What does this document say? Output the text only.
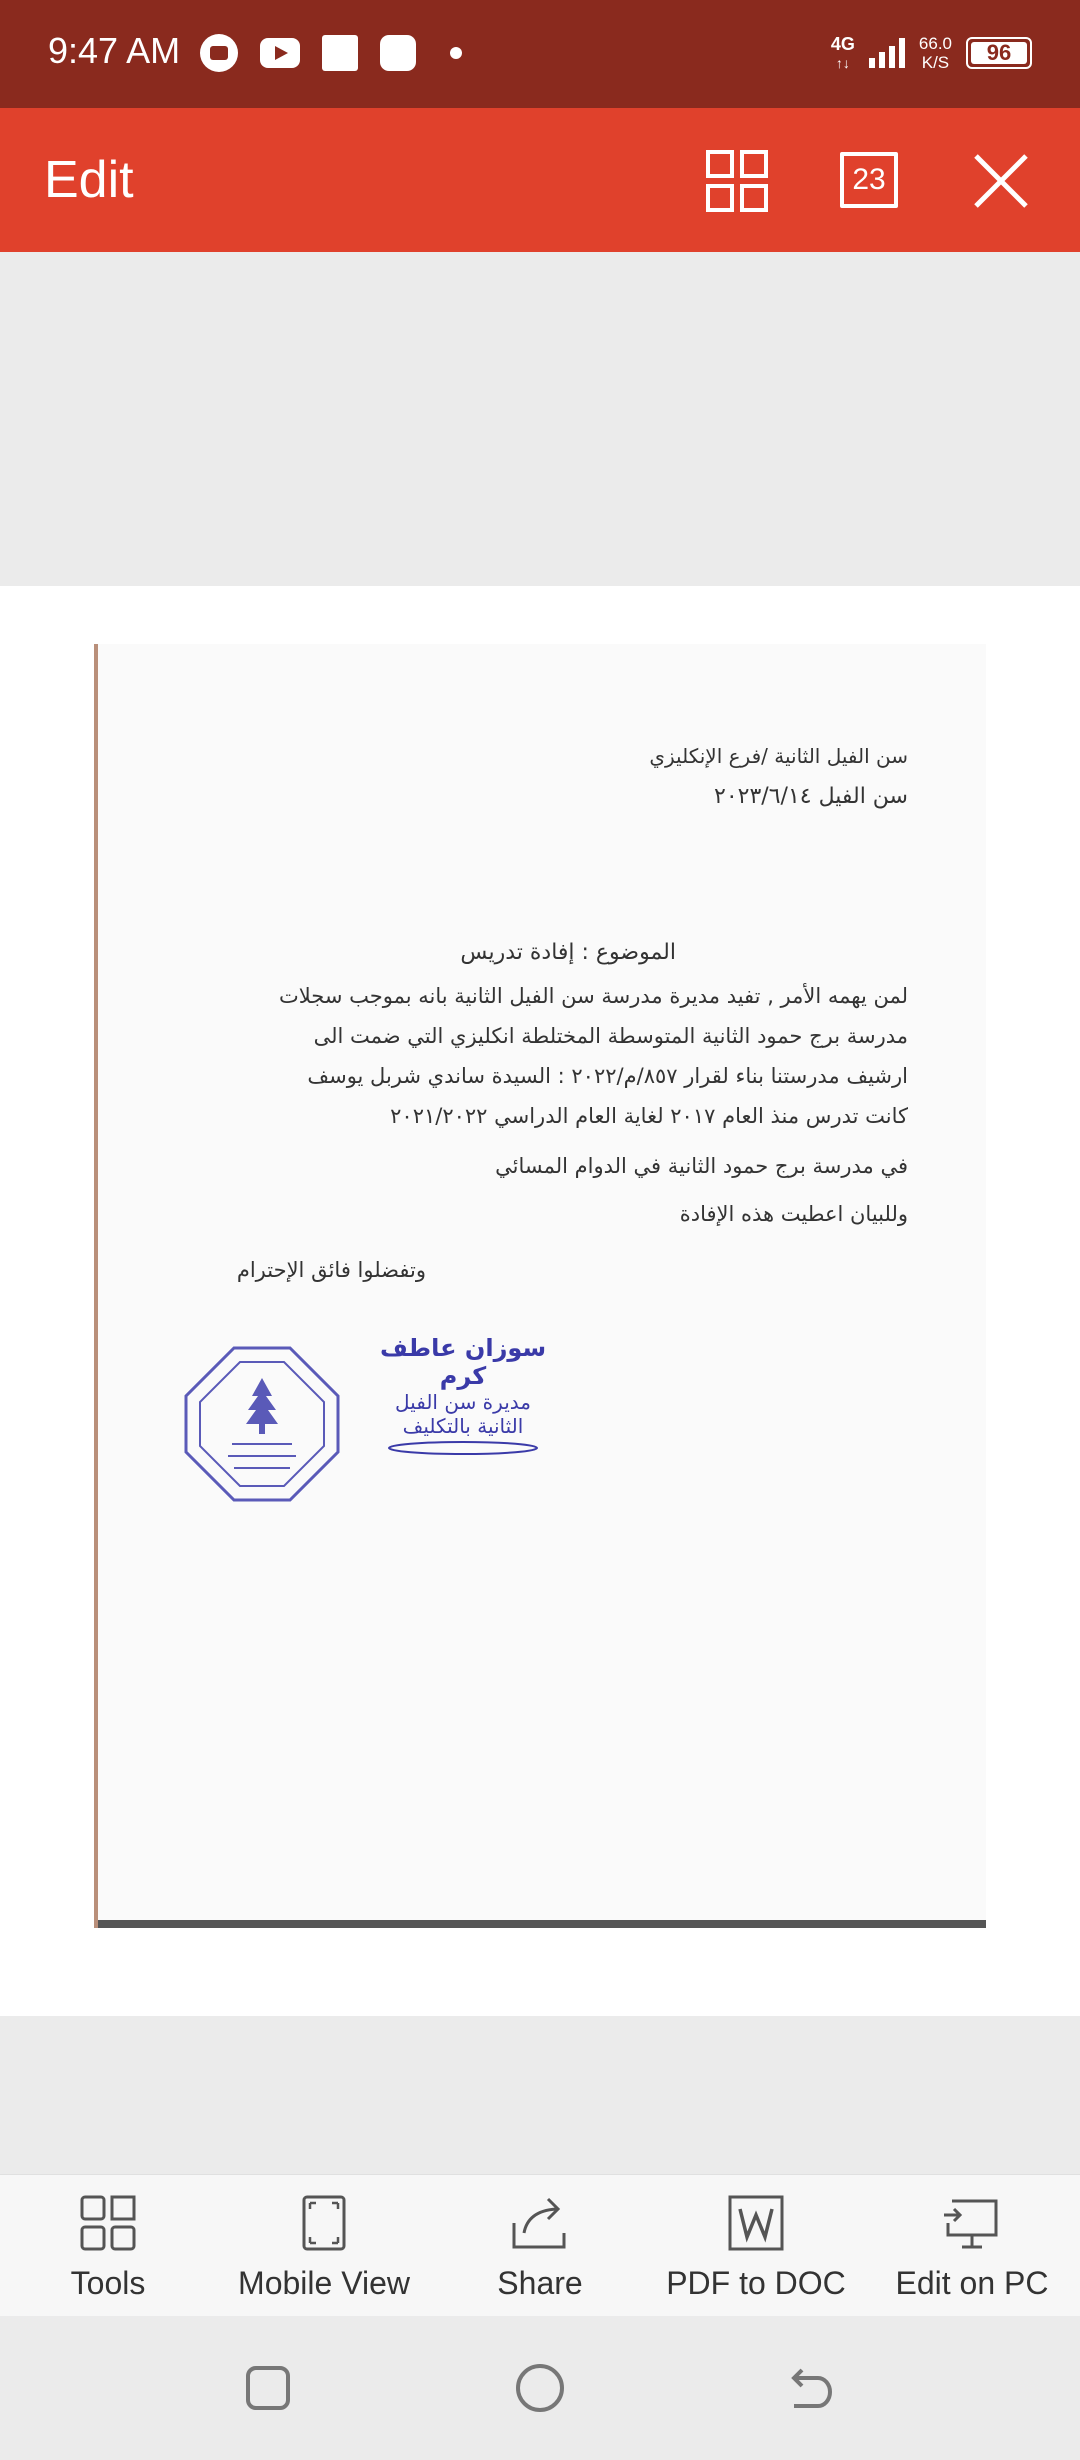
9:47 AM	4G
↑↓
66.0
K/S 96
Edit	23
سن الفيل الثانية /فرع الإنكليزي
سن الفيل ٢٠٢٣/٦/١٤
الموضوع : إفادة تدريس
لمن يهمه الأمر , تفيد مديرة مدرسة سن الفيل الثانية بانه بموجب سجلات
مدرسة برج حمود الثانية المتوسطة المختلطة انكليزي التي ضمت الى
ارشيف مدرستنا بناء لقرار ٨٥٧/م/٢٠٢٢ : السيدة ساندي شربل يوسف
كانت تدرس منذ العام ٢٠١٧ لغاية العام الدراسي ٢٠٢١/٢٠٢٢
في مدرسة برج حمود الثانية في الدوام المسائي
وللبيان اعطيت هذه الإفادة
وتفضلوا فائق الإحترام
سوزان عاطف كرم
مديرة سن الفيل
الثانية بالتكليف
Tools	Mobile View	Share	PDF to DOC Edit on PC
